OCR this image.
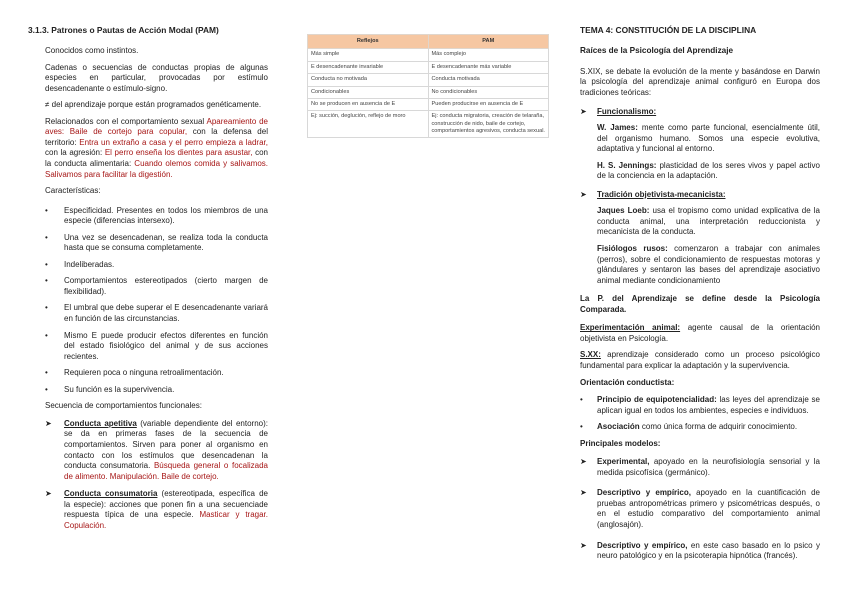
3.1.3. Patrones o Pautas de Acción Modal (PAM)
Conocidos como instintos.
Cadenas o secuencias de conductas propias de algunas especies en particular, provocadas por estímulo desencadenante o estímulo-signo.
≠ del aprendizaje porque están programados genéticamente.
Relacionados con el comportamiento sexual Apareamiento de aves: Baile de cortejo para copular, con la defensa del territorio: Entra un extraño a casa y el perro empieza a ladrar, con la agresión: El perro enseña los dientes para asustar, con la conducta alimentaria: Cuando olemos comida y salivamos. Salivamos para facilitar la digestión.
Características:
• Especificidad. Presentes en todos los miembros de una especie (diferencias intersexo).
• Una vez se desencadenan, se realiza toda la conducta hasta que se consuma completamente.
• Indeliberadas.
• Comportamientos estereotipados (cierto margen de flexibilidad).
• El umbral que debe superar el E desencadenante variará en función de las circunstancias.
• Mismo E puede producir efectos diferentes en función del estado fisiológico del animal y de sus acciones recientes.
• Requieren poca o ninguna retroalimentación.
• Su función es la supervivencia.
Secuencia de comportamientos funcionales:
➤ Conducta apetitiva (variable dependiente del entorno): se da en primeras fases de la secuencia de comportamientos. Sirven para poner al organismo en contacto con los estímulos que desencadenan la conducta consumatoria. Búsqueda general o focalizada de alimento. Manipulación. Baile de cortejo.
➤ Conducta consumatoria (estereotipada, específica de la especie): acciones que ponen fin a una secuenciade respuesta típica de una especie. Masticar y tragar. Copulación.
Reflejos	PAM
Más simple	Más complejo
E desencadenante invariable	E desencadenante más variable
Conducta no motivada	Conducta motivada
Condicionables	No condicionables
No se producen en ausencia de E	Pueden producirse en ausencia de E
Ej: succión, deglución, reflejo de moro	Ej: conducta migratoria, creación de telaraña, construcción de nido, baile de cortejo, comportamientos agresivos, conducta sexual.
TEMA 4: CONSTITUCIÓN DE LA DISCIPLINA
Raíces de la Psicología del Aprendizaje
S.XIX, se debate la evolución de la mente y basándose en Darwin la psicología del aprendizaje animal configuró en Europa dos tradiciones teóricas:
➤ Funcionalismo:
W. James: mente como parte funcional, esencialmente útil, del organismo humano. Somos una especie evolutiva, adaptativa y funcional al entorno.
H. S. Jennings: plasticidad de los seres vivos y papel activo de la conciencia en la adaptación.
➤ Tradición objetivista-mecanicista:
Jaques Loeb: usa el tropismo como unidad explicativa de la conducta animal, una interpretación reduccionista y mecanicista de la conducta.
Fisiólogos rusos: comenzaron a trabajar con animales (perros), sobre el condicionamiento de respuestas motoras y glándulares y sentaron las bases del aprendizaje asociativo animal mediante condicionamiento
La P. del Aprendizaje se define desde la Psicología Comparada.
Experimentación animal: agente causal de la orientación objetivista en Psicología.
S.XX: aprendizaje considerado como un proceso psicológico fundamental para explicar la adaptación y la supervivencia.
Orientación conductista:
• Principio de equipotencialidad: las leyes del aprendizaje se aplican igual en todos los ambientes, especies e individuos.
• Asociación como única forma de adquirir conocimiento.
Principales modelos:
➤ Experimental, apoyado en la neurofisiología sensorial y la medida psicofísica (germánico).
➤ Descriptivo y empírico, apoyado en la cuantificación de pruebas antropométricas primero y psicométricas después, o en el estudio comparativo del comportamiento animal (anglosajón).
➤ Descriptivo y empírico, en este caso basado en lo psico y neuro patológico y en la psicoterapia hipnótica (francés).
